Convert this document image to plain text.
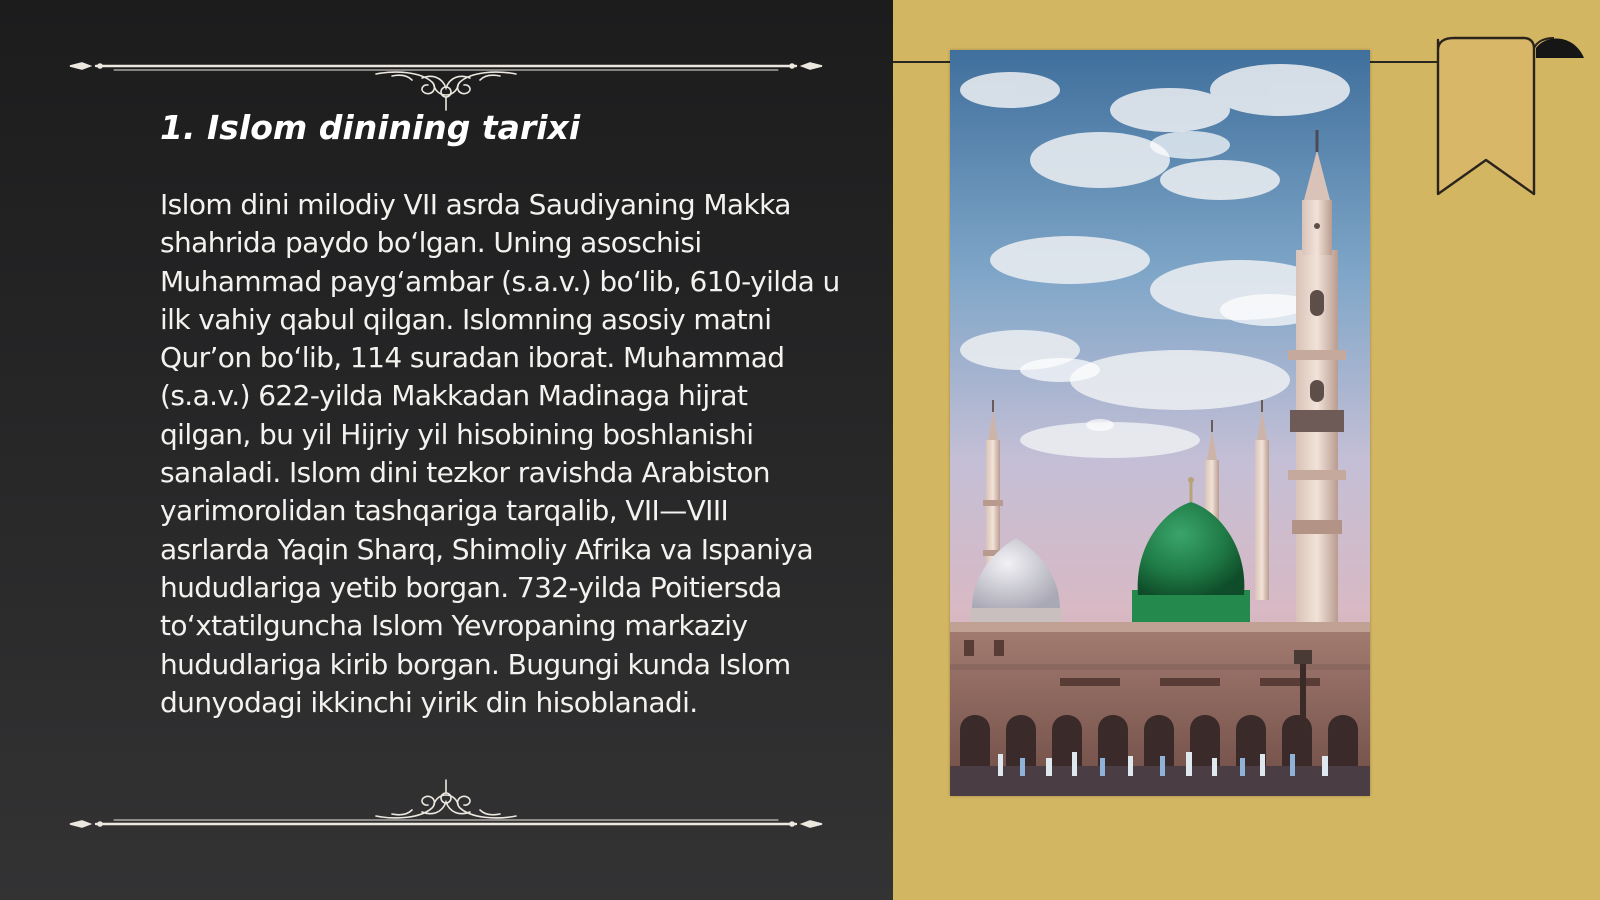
1. Islom dinining tarixi

Islom dini milodiy VII asrda Saudiyaning Makka shahrida paydo bo‘lgan. Uning asoschisi Muhammad payg‘ambar (s.a.v.) bo‘lib, 610-yilda u ilk vahiy qabul qilgan. Islomning asosiy matni Qur’on bo‘lib, 114 suradan iborat. Muhammad (s.a.v.) 622-yilda Makkadan Madinaga hijrat qilgan, bu yil Hijriy yil hisobining boshlanishi sanaladi. Islom dini tezkor ravishda Arabiston yarimorolidan tashqariga tarqalib, VII—VIII asrlarda Yaqin Sharq, Shimoliy Afrika va Ispaniya hududlariga yetib borgan. 732-yilda Poitiersda to‘xtatilguncha Islom Yevropaning markaziy hududlariga kirib borgan. Bugungi kunda Islom dunyodagi ikkinchi yirik din hisoblanadi.
